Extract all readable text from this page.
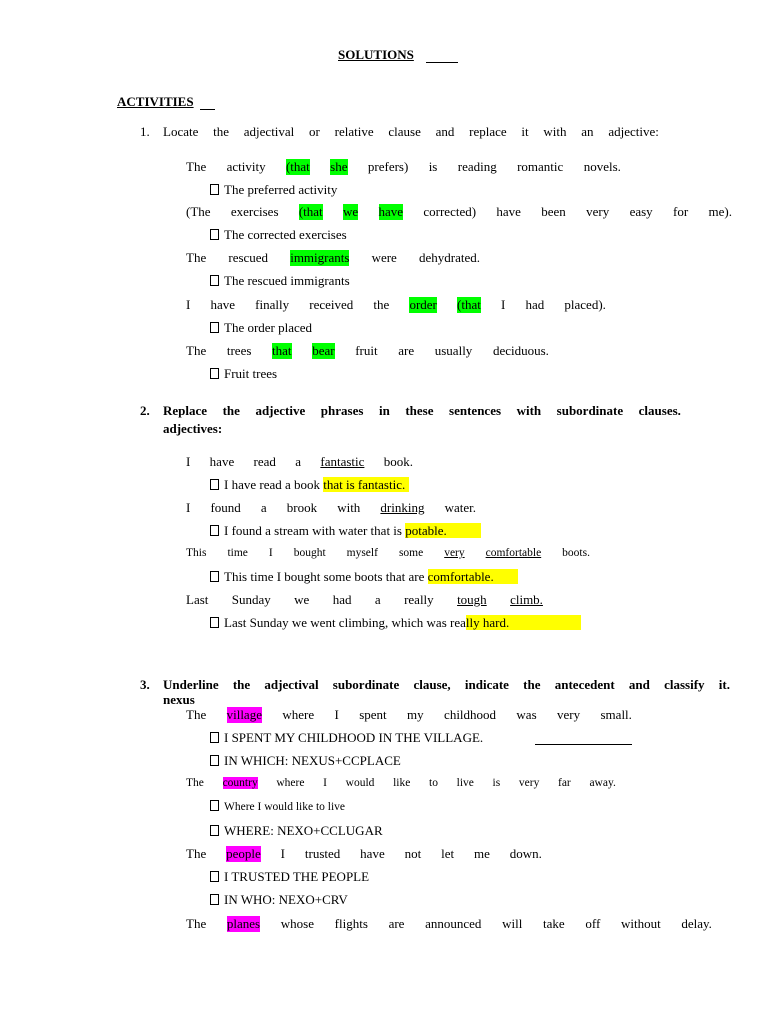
SOLUTIONS
ACTIVITIES
1. Locate the adjectival or relative clause and replace it with an adjective:
The activity (that she prefers) is reading romantic novels.
The preferred activity
(The exercises (that we have corrected) have been very easy for me).
The corrected exercises
The rescued immigrants were dehydrated.
The rescued immigrants
I have finally received the order (that I had placed).
The order placed
The trees that bear fruit are usually deciduous.
Fruit trees
2. Replace the adjective phrases in these sentences with subordinate clauses.
adjectives:
I have read a fantastic book.
I have read a book that is fantastic.
I found a brook with drinking water.
I found a stream with water that is potable.
This time I bought myself some very comfortable boots.
This time I bought some boots that are comfortable.
Last Sunday we had a really tough climb.
Last Sunday we went climbing, which was really hard.
3. Underline the adjectival subordinate clause, indicate the antecedent and classify it.
nexus
The village where I spent my childhood was very small.
I SPENT MY CHILDHOOD IN THE VILLAGE.
IN WHICH: NEXUS+CCPLACE
The country where I would like to live is very far away.
Where I would like to live
WHERE: NEXO+CCLUGAR
The people I trusted have not let me down.
I TRUSTED THE PEOPLE
IN WHO: NEXO+CRV
The planes whose flights are announced will take off without delay.
